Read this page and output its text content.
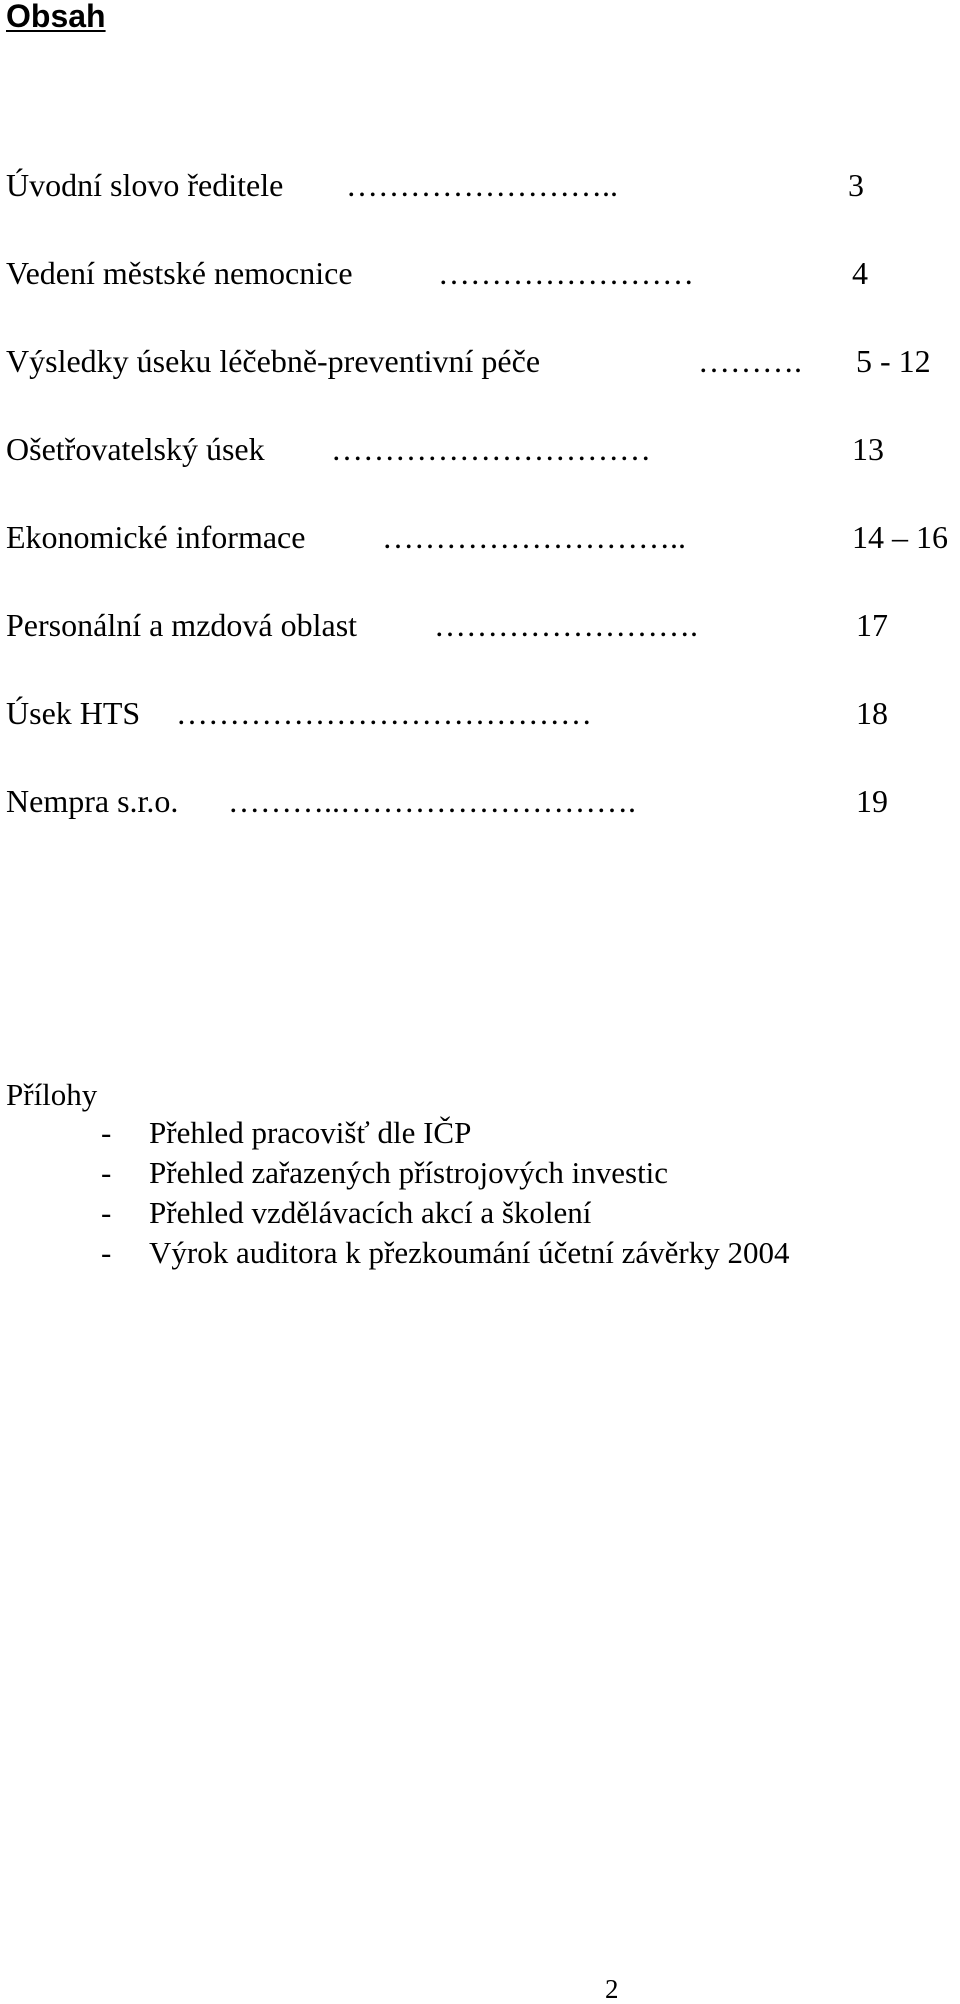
Obsah
Úvodní slovo ředitele ……………………..	3
Vedení městské nemocnice	……………………	4
Výsledky úseku léčebně-preventivní péče	………. 5 - 12
Ošetřovatelský úsek …………………………	13
Ekonomické informace ………………………..	14 – 16
Personální a mzdová oblast …………………….	17
Úsek HTS …………………………………	18
Nempra s.r.o. ………..……………………….	19
Přílohy
- Přehled pracovišť dle IČP
- Přehled zařazených přístrojových investic
- Přehled vzdělávacích akcí a školení
- Výrok auditora k přezkoumání účetní závěrky 2004
2
